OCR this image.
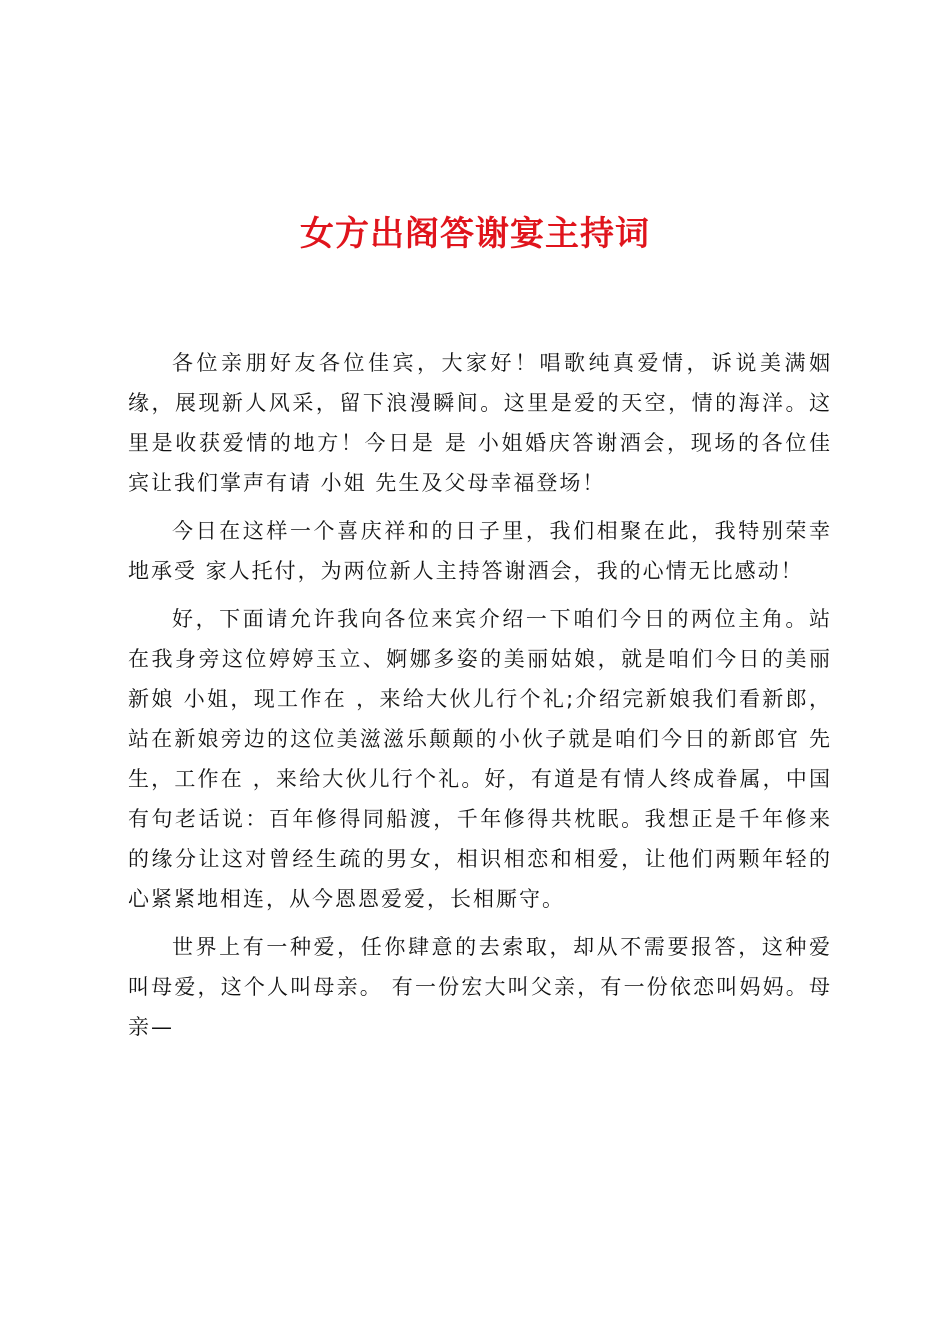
女方出阁答谢宴主持词

各位亲朋好友各位佳宾，大家好！唱歌纯真爱情，诉说美满姻缘，展现新人风采，留下浪漫瞬间。这里是爱的天空，情的海洋。这里是收获爱情的地方！今日是 是 小姐婚庆答谢酒会，现场的各位佳宾让我们掌声有请 小姐 先生及父母幸福登场！

今日在这样一个喜庆祥和的日子里，我们相聚在此，我特别荣幸地承受 家人托付，为两位新人主持答谢酒会，我的心情无比感动！

好，下面请允许我向各位来宾介绍一下咱们今日的两位主角。站在我身旁这位婷婷玉立、婀娜多姿的美丽姑娘，就是咱们今日的美丽新娘 小姐，现工作在 ，来给大伙儿行个礼;介绍完新娘我们看新郎，站在新娘旁边的这位美滋滋乐颠颠的小伙子就是咱们今日的新郎官 先生，工作在 ，来给大伙儿行个礼。好，有道是有情人终成眷属，中国有句老话说：百年修得同船渡，千年修得共枕眠。我想正是千年修来的缘分让这对曾经生疏的男女，相识相恋和相爱，让他们两颗年轻的心紧紧地相连，从今恩恩爱爱，长相厮守。

世界上有一种爱，任你肆意的去索取，却从不需要报答，这种爱叫母爱，这个人叫母亲。 有一份宏大叫父亲，有一份依恋叫妈妈。母亲—
